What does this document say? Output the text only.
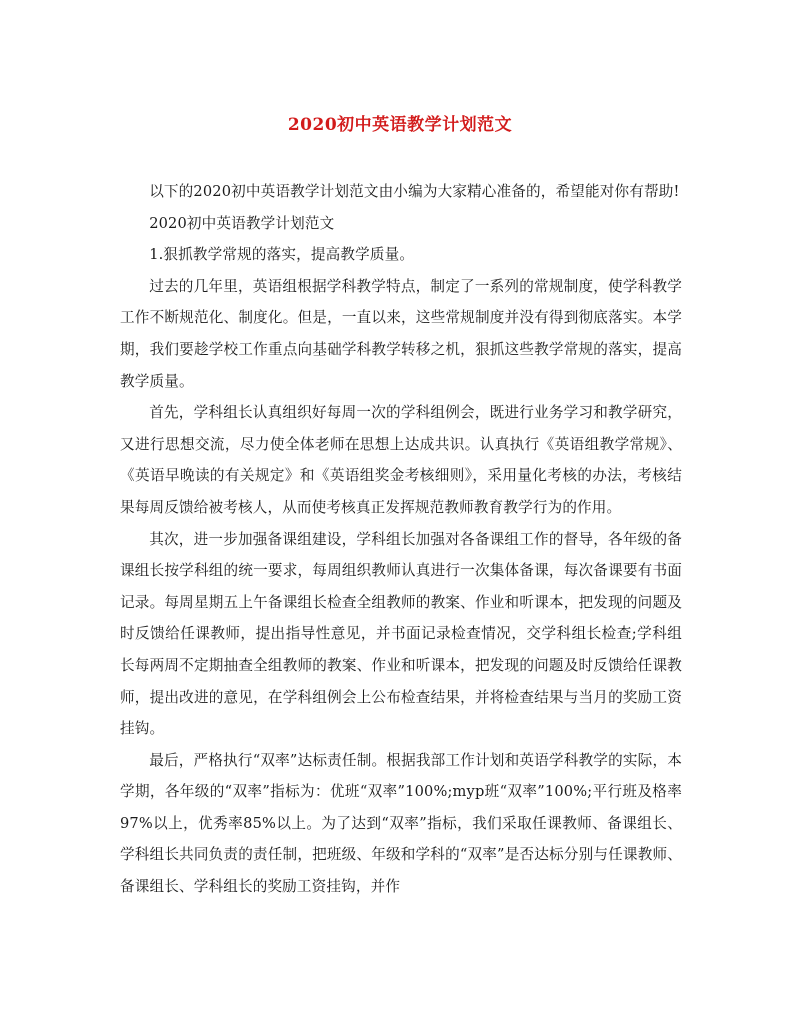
2020初中英语教学计划范文

以下的2020初中英语教学计划范文由小编为大家精心准备的，希望能对你有帮助!

2020初中英语教学计划范文

1.狠抓教学常规的落实，提高教学质量。

过去的几年里，英语组根据学科教学特点，制定了一系列的常规制度，使学科教学工作不断规范化、制度化。但是，一直以来，这些常规制度并没有得到彻底落实。本学期，我们要趁学校工作重点向基础学科教学转移之机，狠抓这些教学常规的落实，提高教学质量。

首先，学科组长认真组织好每周一次的学科组例会，既进行业务学习和教学研究，又进行思想交流，尽力使全体老师在思想上达成共识。认真执行《英语组教学常规》、《英语早晚读的有关规定》和《英语组奖金考核细则》，采用量化考核的办法，考核结果每周反馈给被考核人，从而使考核真正发挥规范教师教育教学行为的作用。

其次，进一步加强备课组建设，学科组长加强对各备课组工作的督导，各年级的备课组长按学科组的统一要求，每周组织教师认真进行一次集体备课，每次备课要有书面记录。每周星期五上午备课组长检查全组教师的教案、作业和听课本，把发现的问题及时反馈给任课教师，提出指导性意见，并书面记录检查情况，交学科组长检查;学科组长每两周不定期抽查全组教师的教案、作业和听课本，把发现的问题及时反馈给任课教师，提出改进的意见，在学科组例会上公布检查结果，并将检查结果与当月的奖励工资挂钩。

最后，严格执行“双率”达标责任制。根据我部工作计划和英语学科教学的实际，本学期，各年级的“双率”指标为：优班“双率”100%;myp班“双率”100%;平行班及格率97%以上，优秀率85%以上。为了达到“双率”指标，我们采取任课教师、备课组长、学科组长共同负责的责任制，把班级、年级和学科的“双率”是否达标分别与任课教师、备课组长、学科组长的奖励工资挂钩，并作
